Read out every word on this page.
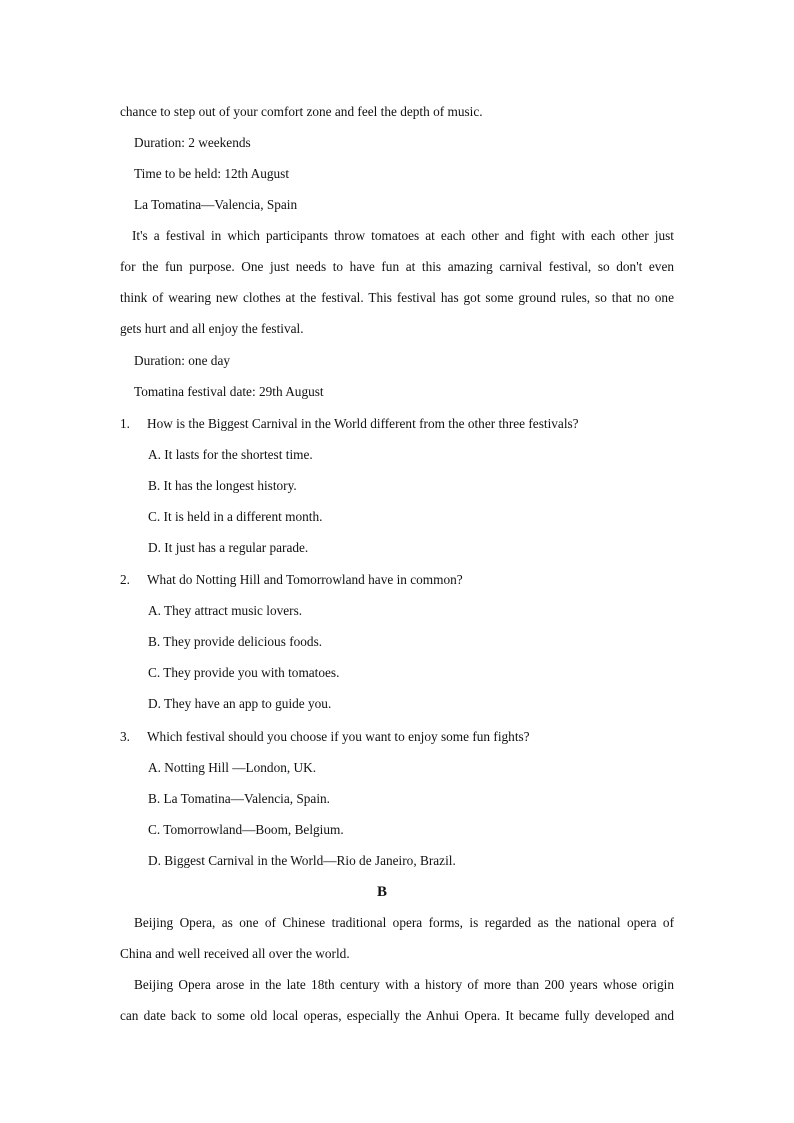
chance to step out of your comfort zone and feel the depth of music.

Duration: 2 weekends

Time to be held: 12th August

La Tomatina—Valencia, Spain

It's a festival in which participants throw tomatoes at each other and fight with each other just

for the fun purpose. One just needs to have fun at this amazing carnival festival, so don't even

think of wearing new clothes at the festival. This festival has got some ground rules, so that no one

gets hurt and all enjoy the festival.

Duration: one day

Tomatina festival date: 29th August

1. How is the Biggest Carnival in the World different from the other three festivals?
A. It lasts for the shortest time.
B. It has the longest history.
C. It is held in a different month.
D. It just has a regular parade.
2. What do Notting Hill and Tomorrowland have in common?
A. They attract music lovers.
B. They provide delicious foods.
C. They provide you with tomatoes.
D. They have an app to guide you.
3. Which festival should you choose if you want to enjoy some fun fights?
A. Notting Hill —London, UK.
B. La Tomatina—Valencia, Spain.
C. Tomorrowland—Boom, Belgium.
D. Biggest Carnival in the World—Rio de Janeiro, Brazil.
B

Beijing Opera, as one of Chinese traditional opera forms, is regarded as the national opera of

China and well received all over the world.

Beijing Opera arose in the late 18th century with a history of more than 200 years whose origin

can date back to some old local operas, especially the Anhui Opera. It became fully developed and
